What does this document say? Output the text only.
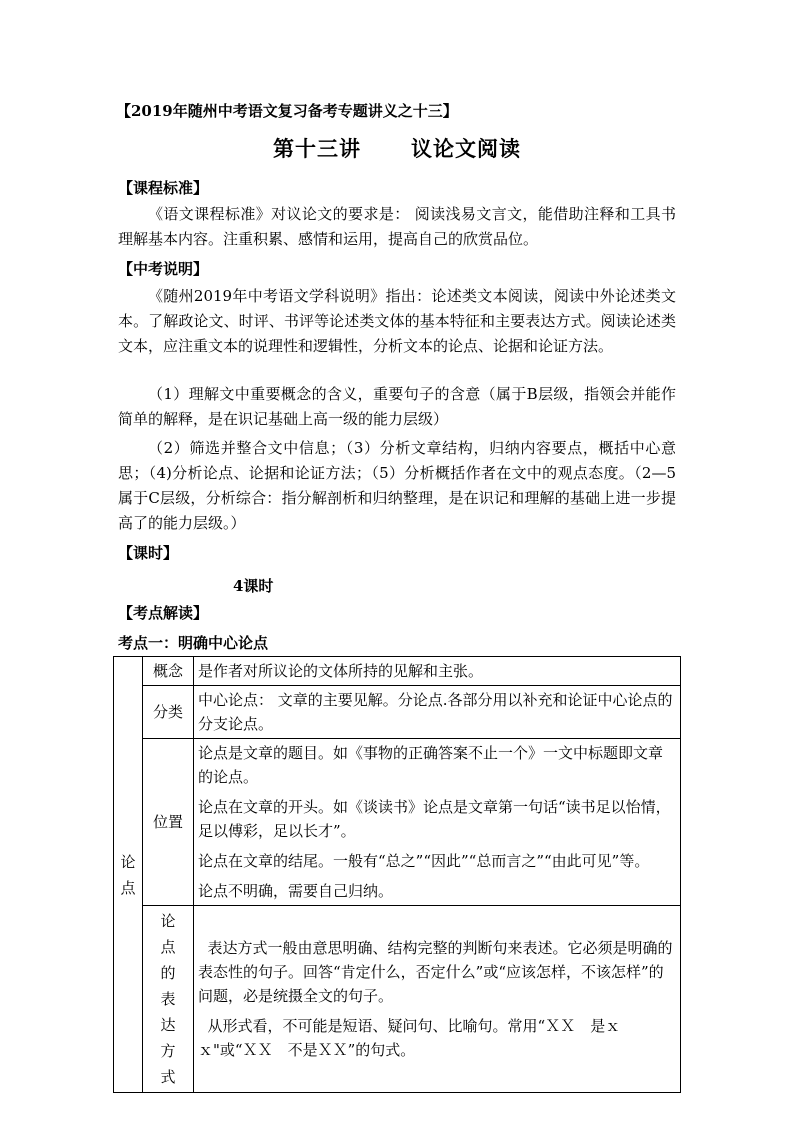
【2019年随州中考语文复习备考专题讲义之十三】
第十三讲 议论文阅读
【课程标准】

《语文课程标准》对议论文的要求是： 阅读浅易文言文，能借助注释和工具书理解基本内容。注重积累、感情和运用，提高自己的欣赏品位。

【中考说明】

《随州2019年中考语文学科说明》指出：论述类文本阅读，阅读中外论述类文本。了解政论文、时评、书评等论述类文体的基本特征和主要表达方式。阅读论述类文本，应注重文本的说理性和逻辑性，分析文本的论点、论据和论证方法。

（1）理解文中重要概念的含义，重要句子的含意（属于B层级，指领会并能作简单的解释，是在识记基础上高一级的能力层级）

（2）筛选并整合文中信息；（3）分析文章结构，归纳内容要点，概括中心意思；（4)分析论点、论据和论证方法；（5）分析概括作者在文中的观点态度。（2—5属于C层级，分析综合：指分解剖析和归纳整理，是在识记和理解的基础上进一步提高了的能力层级。）

【课时】
4课时
【考点解读】
考点一：明确中心论点
论点	概念	是作者对所议论的文体所持的见解和主张。

	分类	中心论点： 文章的主要见解。分论点.各部分用以补充和论证中心论点的分支论点。

	位置	论点是文章的题目。如《事物的正确答案不止一个》一文中标题即文章的论点。

论点在文章的开头。如《谈读书》论点是文章第一句话“读书足以怡情，足以傅彩，足以长才”。

论点在文章的结尾。一般有“总之”“因此”“总而言之”“由此可见”等。

论点不明确，需要自己归纳。

	论点的表达方式	表达方式一般由意思明确、结构完整的判断句来表述。它必须是明确的表态性的句子。回答“肯定什么，否定什么”或“应该怎样，不该怎样”的问题，必是统摄全文的句子。

从形式看，不可能是短语、疑问句、比喻句。常用“ＸＸ　是ｘｘ"或“ＸＸ　不是ＸＸ”的句式。
